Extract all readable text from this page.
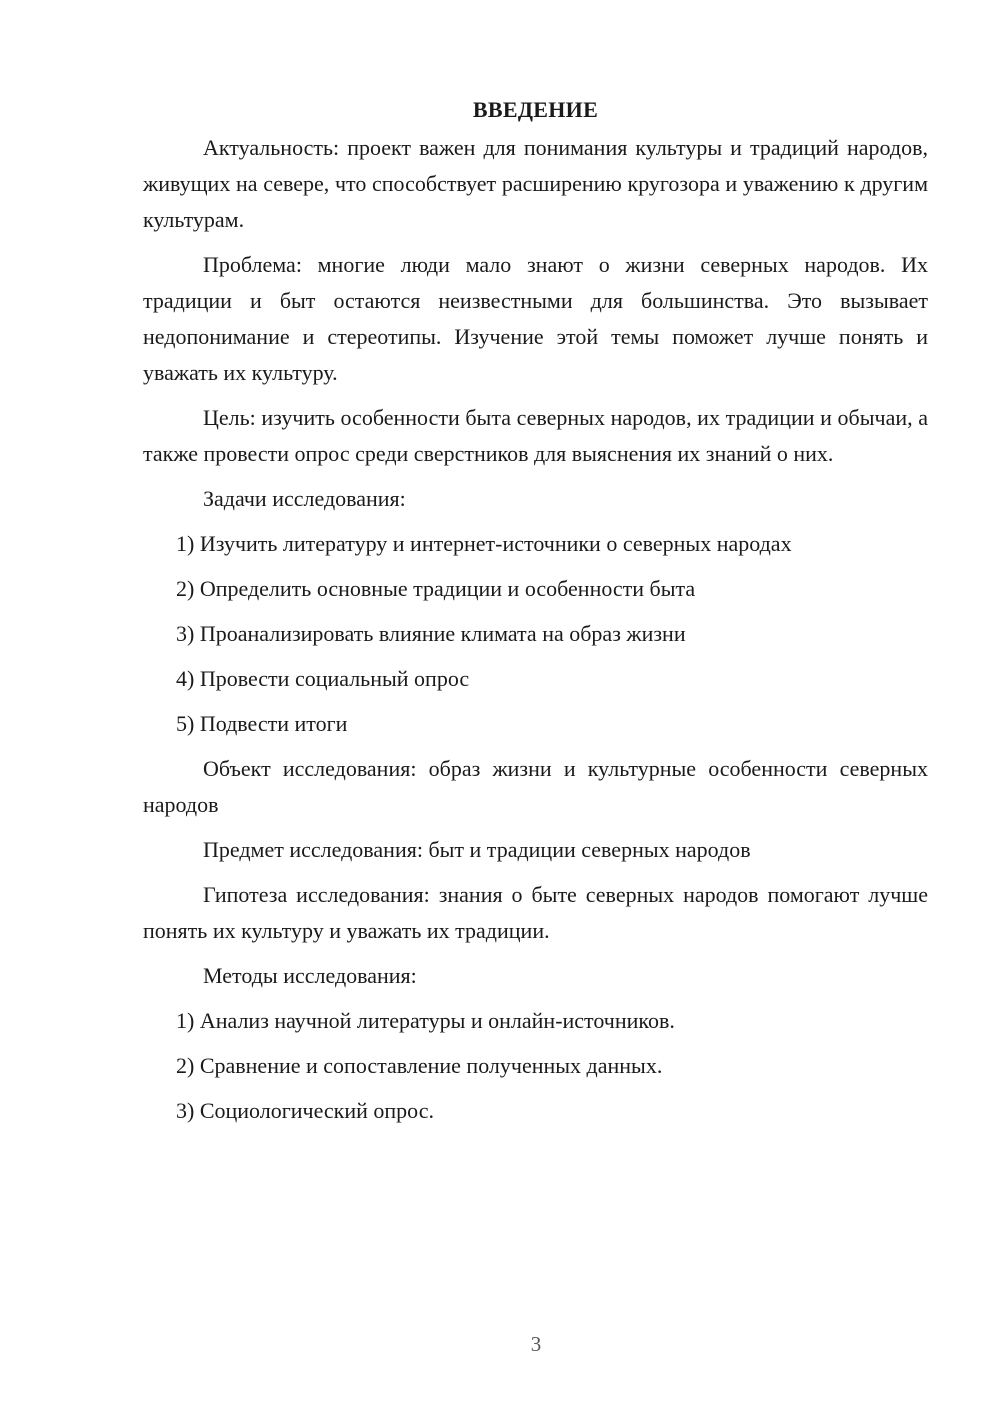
ВВЕДЕНИЕ

Актуальность: проект важен для понимания культуры и традиций народов, живущих на севере, что способствует расширению кругозора и уважению к другим культурам.

Проблема: многие люди мало знают о жизни северных народов. Их традиции и быт остаются неизвестными для большинства. Это вызывает недопонимание и стереотипы. Изучение этой темы поможет лучше понять и уважать их культуру.

Цель: изучить особенности быта северных народов, их традиции и обычаи, а также провести опрос среди сверстников для выяснения их знаний о них.

Задачи исследования:

1) Изучить литературу и интернет-источники о северных народах
2) Определить основные традиции и особенности быта
3) Проанализировать влияние климата на образ жизни
4) Провести социальный опрос
5) Подвести итоги

Объект исследования: образ жизни и культурные особенности северных народов

Предмет исследования: быт и традиции северных народов

Гипотеза исследования: знания о быте северных народов помогают лучше понять их культуру и уважать их традиции.

Методы исследования:

1) Анализ научной литературы и онлайн-источников.
2) Сравнение и сопоставление полученных данных.
3) Социологический опрос.
3
